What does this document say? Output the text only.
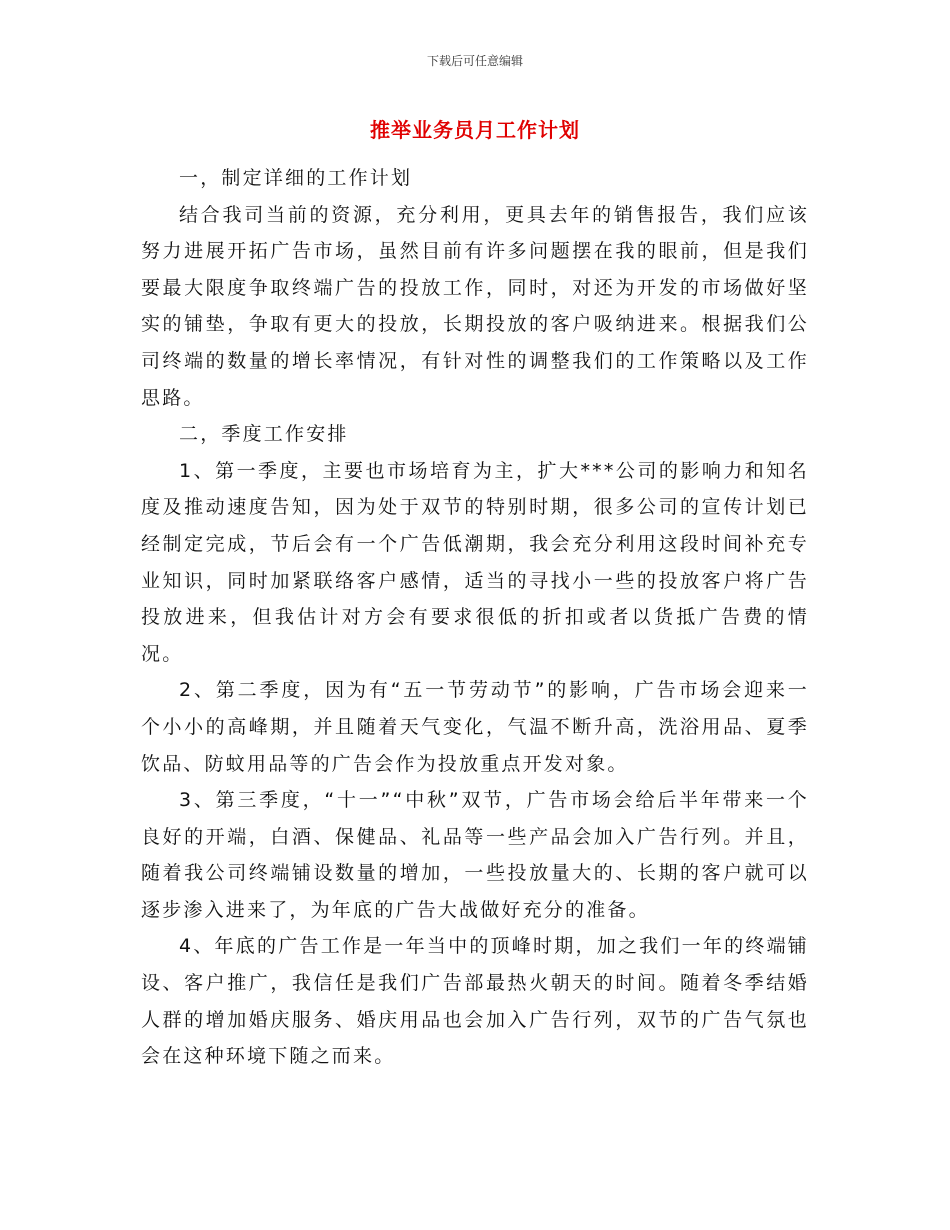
下载后可任意编辑
推举业务员月工作计划

一，制定详细的工作计划

结合我司当前的资源，充分利用，更具去年的销售报告，我们应该努力进展开拓广告市场，虽然目前有许多问题摆在我的眼前，但是我们要最大限度争取终端广告的投放工作，同时，对还为开发的市场做好坚实的铺垫，争取有更大的投放，长期投放的客户吸纳进来。根据我们公司终端的数量的增长率情况，有针对性的调整我们的工作策略以及工作思路。

二，季度工作安排

1、第一季度，主要也市场培育为主，扩大***公司的影响力和知名度及推动速度告知，因为处于双节的特别时期，很多公司的宣传计划已经制定完成，节后会有一个广告低潮期，我会充分利用这段时间补充专业知识，同时加紧联络客户感情，适当的寻找小一些的投放客户将广告投放进来，但我估计对方会有要求很低的折扣或者以货抵广告费的情况。

2、第二季度，因为有“五一节劳动节”的影响，广告市场会迎来一个小小的高峰期，并且随着天气变化，气温不断升高，洗浴用品、夏季饮品、防蚊用品等的广告会作为投放重点开发对象。

3、第三季度，“十一”“中秋”双节，广告市场会给后半年带来一个良好的开端，白酒、保健品、礼品等一些产品会加入广告行列。并且，随着我公司终端铺设数量的增加，一些投放量大的、长期的客户就可以逐步渗入进来了，为年底的广告大战做好充分的准备。

4、年底的广告工作是一年当中的顶峰时期，加之我们一年的终端铺设、客户推广，我信任是我们广告部最热火朝天的时间。随着冬季结婚人群的增加婚庆服务、婚庆用品也会加入广告行列，双节的广告气氛也会在这种环境下随之而来。
